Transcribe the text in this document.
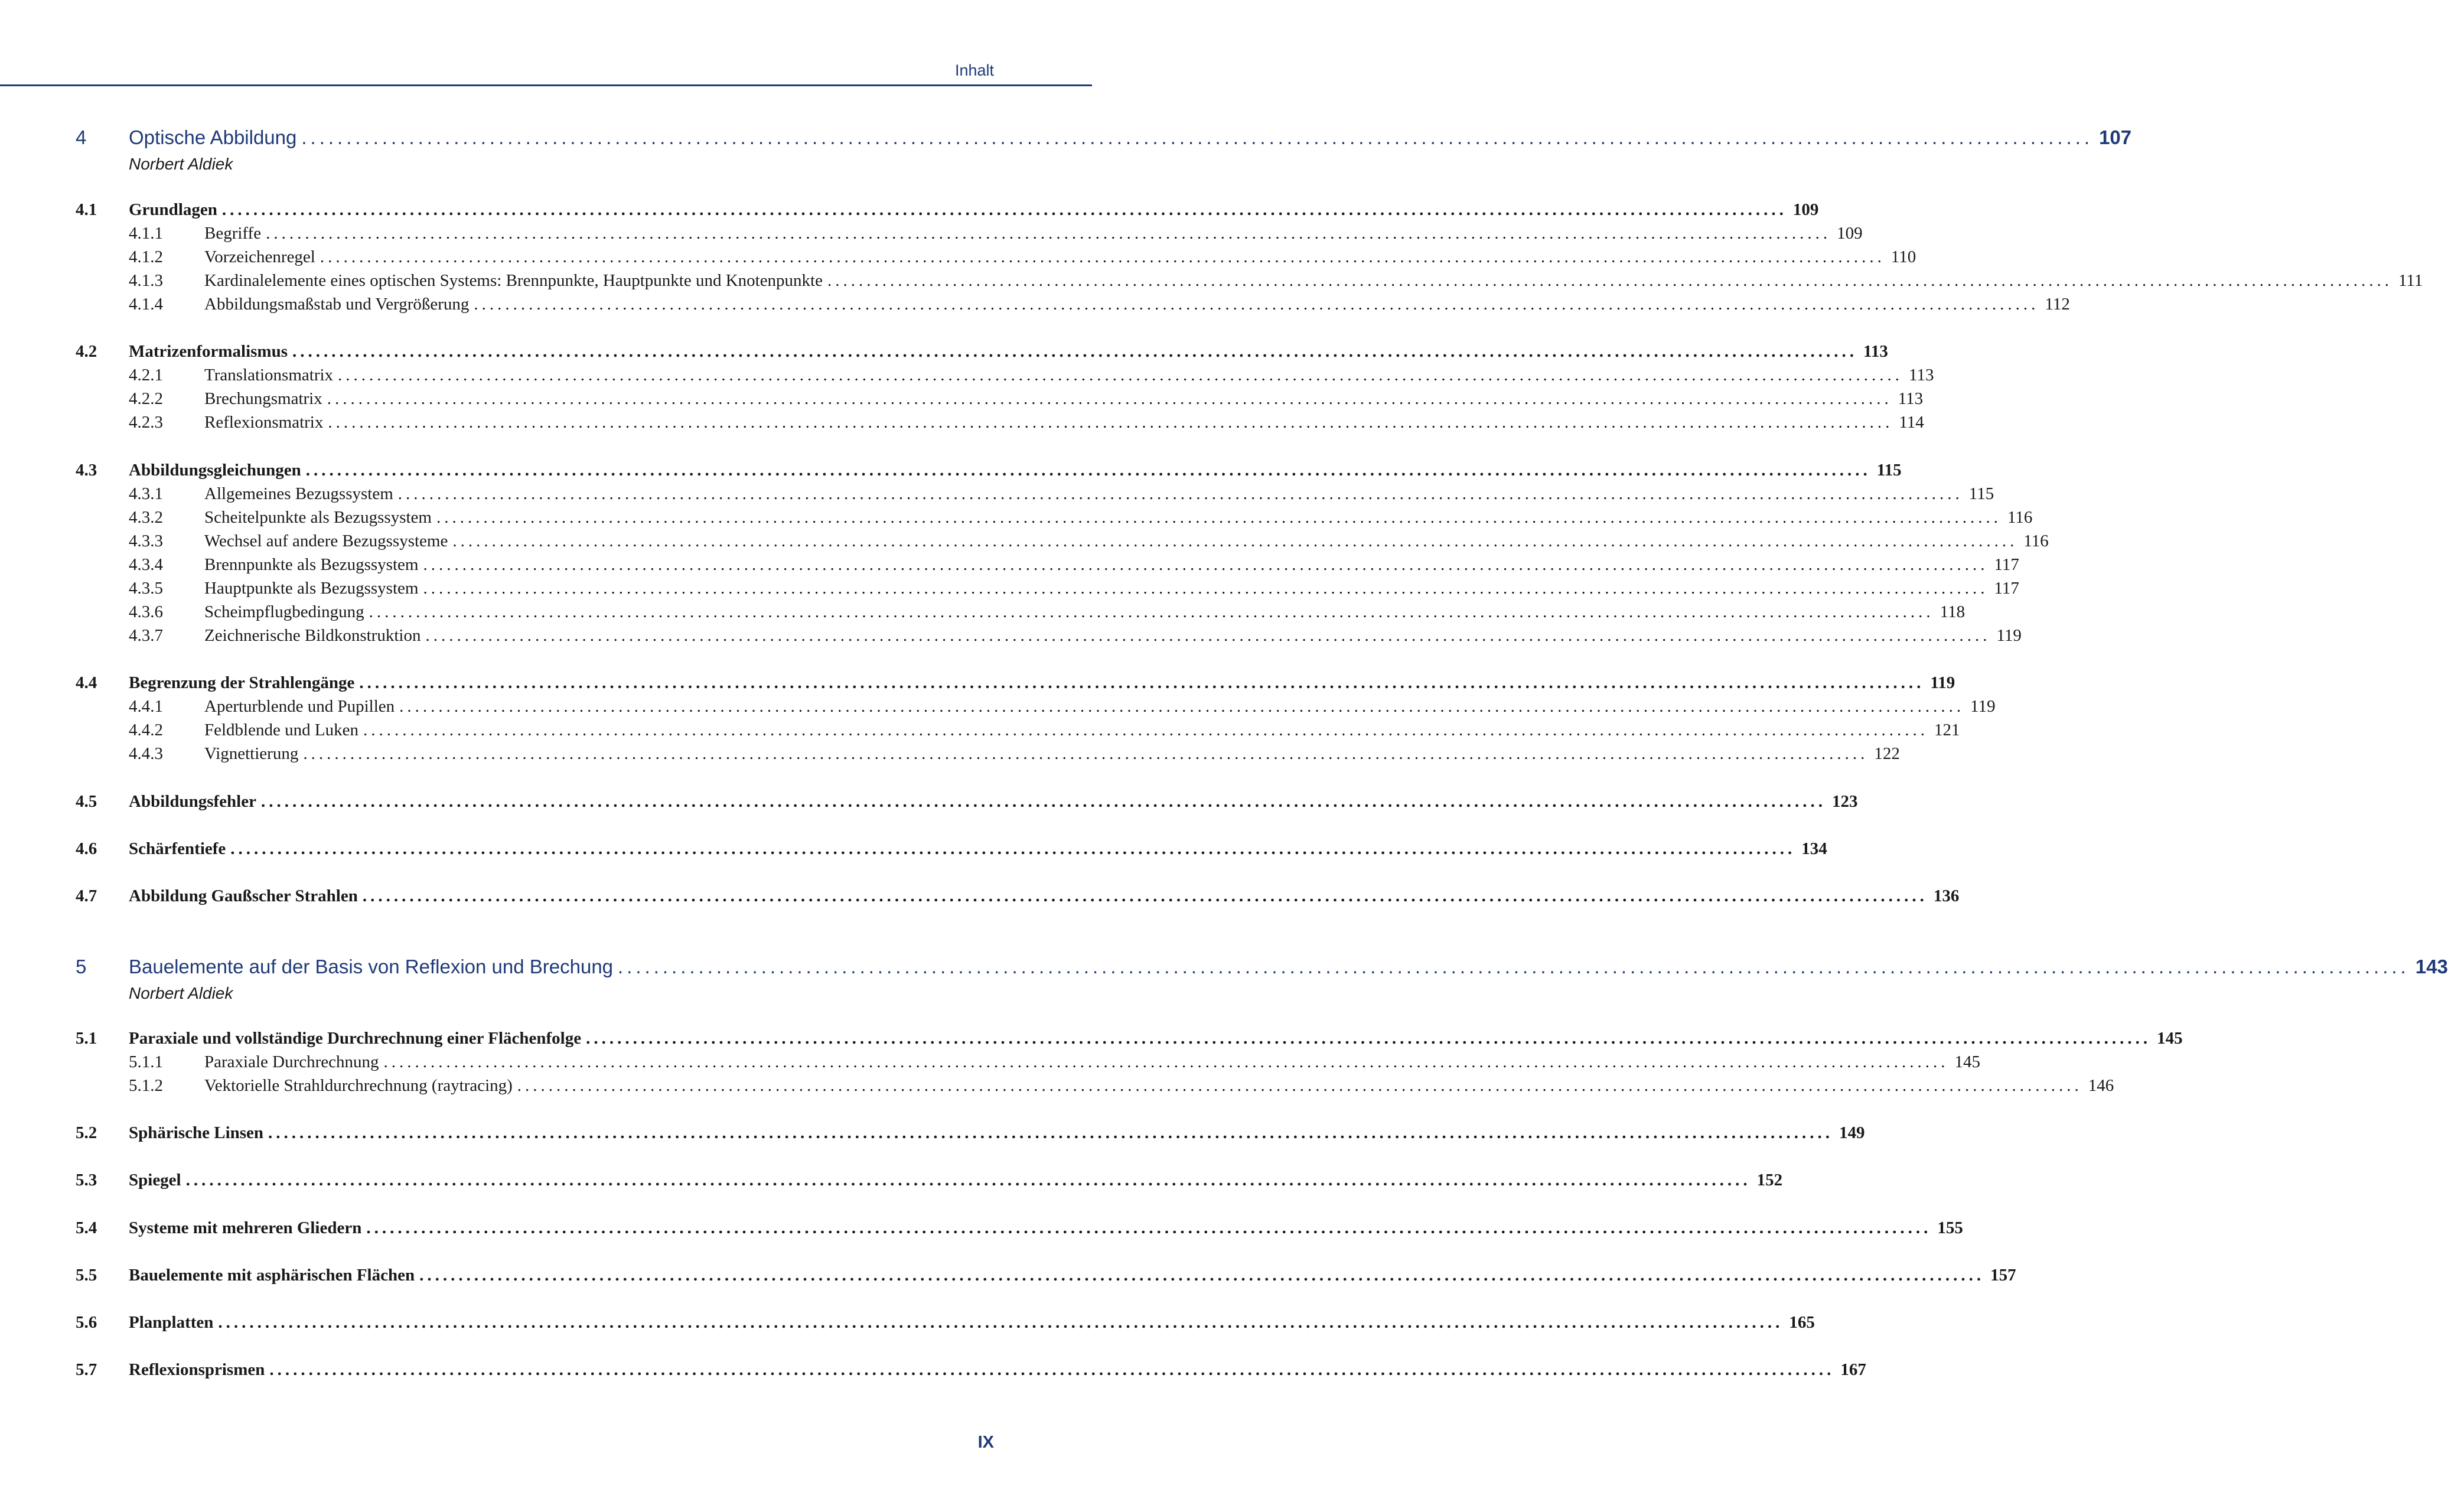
Inhalt
4	Optische Abbildung ........................................................................................................................................................................................................ 107
Norbert Aldiek
4.1	Grundlagen ........................................................................................................................................................................................................ 109
4.1.1	Begriffe ........................................................................................................................................................................................................ 109
4.1.2	Vorzeichenregel ........................................................................................................................................................................................................ 110
4.1.3	Kardinalelemente eines optischen Systems: Brennpunkte, Hauptpunkte und Knotenpunkte ........................................................................................................................................................................................................ 111
4.1.4	Abbildungsmaßstab und Vergrößerung ........................................................................................................................................................................................................ 112
4.2	Matrizenformalismus ........................................................................................................................................................................................................ 113
4.2.1	Translationsmatrix ........................................................................................................................................................................................................ 113
4.2.2	Brechungsmatrix ........................................................................................................................................................................................................ 113
4.2.3	Reflexionsmatrix ........................................................................................................................................................................................................ 114
4.3	Abbildungsgleichungen ........................................................................................................................................................................................................ 115
4.3.1	Allgemeines Bezugssystem ........................................................................................................................................................................................................ 115
4.3.2	Scheitelpunkte als Bezugssystem ........................................................................................................................................................................................................ 116
4.3.3	Wechsel auf andere Bezugssysteme ........................................................................................................................................................................................................ 116
4.3.4	Brennpunkte als Bezugssystem ........................................................................................................................................................................................................ 117
4.3.5	Hauptpunkte als Bezugssystem ........................................................................................................................................................................................................ 117
4.3.6	Scheimpflugbedingung ........................................................................................................................................................................................................ 118
4.3.7	Zeichnerische Bildkonstruktion ........................................................................................................................................................................................................ 119
4.4	Begrenzung der Strahlengänge ........................................................................................................................................................................................................ 119
4.4.1	Aperturblende und Pupillen ........................................................................................................................................................................................................ 119
4.4.2	Feldblende und Luken ........................................................................................................................................................................................................ 121
4.4.3	Vignettierung ........................................................................................................................................................................................................ 122
4.5	Abbildungsfehler ........................................................................................................................................................................................................ 123
4.6	Schärfentiefe ........................................................................................................................................................................................................ 134
4.7	Abbildung Gaußscher Strahlen ........................................................................................................................................................................................................ 136
5	Bauelemente auf der Basis von Reflexion und Brechung ........................................................................................................................................................................................................ 143
Norbert Aldiek
5.1	Paraxiale und vollständige Durchrechnung einer Flächenfolge ........................................................................................................................................................................................................ 145
5.1.1	Paraxiale Durchrechnung ........................................................................................................................................................................................................ 145
5.1.2	Vektorielle Strahldurchrechnung (raytracing) ........................................................................................................................................................................................................ 146
5.2	Sphärische Linsen ........................................................................................................................................................................................................ 149
5.3	Spiegel ........................................................................................................................................................................................................ 152
5.4	Systeme mit mehreren Gliedern ........................................................................................................................................................................................................ 155
5.5	Bauelemente mit asphärischen Flächen ........................................................................................................................................................................................................ 157
5.6	Planplatten ........................................................................................................................................................................................................ 165
5.7	Reflexionsprismen ........................................................................................................................................................................................................ 167
IX
